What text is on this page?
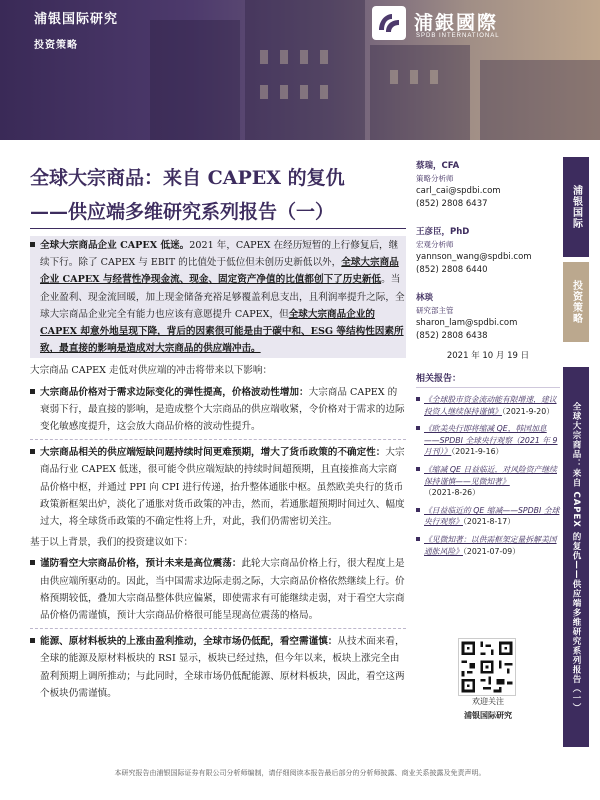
浦银国际研究
投资策略
浦銀國際
SPDB INTERNATIONAL
全球大宗商品：来自 CAPEX 的复仇
——供应端多维研究系列报告（一）

全球大宗商品企业 CAPEX 低迷。2021 年，CAPEX 在经历短暂的上行修复后，继续下行。除了 CAPEX 与 EBIT 的比值处于低位但未创历史新低以外，全球大宗商品企业 CAPEX 与经营性净现金流、现金、固定资产净值的比值都创下了历史新低。当企业盈利、现金流回暖，加上现金储备充裕足够覆盖利息支出，且利润率提升之际，全球大宗商品企业完全有能力也应该有意愿提升 CAPEX，但全球大宗商品企业的 CAPEX 却意外地呈现下降，背后的因素很可能是由于碳中和、ESG 等结构性因素所致，最直接的影响是造成对大宗商品的供应端冲击。

大宗商品 CAPEX 走低对供应端的冲击将带来以下影响：

大宗商品价格对于需求边际变化的弹性提高，价格波动性增加：大宗商品 CAPEX 的衰弱下行，最直接的影响，是造成整个大宗商品的供应端收紧，令价格对于需求的边际变化敏感度提升，这会放大商品价格的波动性提升。

大宗商品相关的供应端短缺问题持续时间更难预期，增大了货币政策的不确定性：大宗商品行业 CAPEX 低迷，很可能令供应端短缺的持续时间超预期，且直接推高大宗商品价格中枢，并通过 PPI 向 CPI 进行传递，抬升整体通胀中枢。虽然欧美央行的货币政策新框架出炉，淡化了通胀对货币政策的冲击，然而，若通胀超预期时间过久、幅度过大，将全球货币政策的不确定性将上升，对此，我们仍需密切关注。

基于以上背景，我们的投资建议如下：

谨防看空大宗商品价格，预计未来是高位震荡：此轮大宗商品价格上行，很大程度上是由供应端所驱动的。因此，当中国需求边际走弱之际，大宗商品价格依然继续上行。价格预期较低，叠加大宗商品整体供应偏紧，即使需求有可能继续走弱，对于看空大宗商品价格仍需谨慎，预计大宗商品价格很可能呈现高位震荡的格局。

能源、原材料板块的上涨由盈利推动，全球市场仍低配，看空需谨慎：从技术面来看，全球的能源及原材料板块的 RSI 显示，板块已经过热，但今年以来，板块上涨完全由盈利预期上调所推动；与此同时，全球市场仍低配能源、原材料板块，因此，看空这两个板块仍需谨慎。

蔡瑞，CFA
策略分析师
carl_cai@spdbi.com
(852) 2808 6437
王彦臣，PhD
宏观分析师
yannson_wang@spdbi.com
(852) 2808 6440
林琰
研究部主管
sharon_lam@spdbi.com
(852) 2808 6438
2021 年 10 月 19 日
相关报告：
《全球股市资金流动能有限增速，建议投资人继续保持谨慎》（2021-9-20）
《欧美央行即将缩减 QE，韩国加息——SPDBI 全球央行观察（2021 年 9 月刊）》（2021-9-16）
《缩减 QE 日益临近，对风险资产继续保持谨慎——见微知著》（2021-8-26）
《日益临近的 QE 缩减——SPDBI 全球央行观察》（2021-8-17）
《见微知著：以供需框架定量拆解美国通胀风险》（2021-07-09）
欢迎关注
浦银国际研究
浦银国际
投资策略
全球大宗商品：来自 CAPEX 的复仇——供应端多维研究系列报告（一）
本研究报告由浦银国际证券有限公司分析师编制，请仔细阅读本报告最后部分的分析师披露、商业关系披露及免责声明。
